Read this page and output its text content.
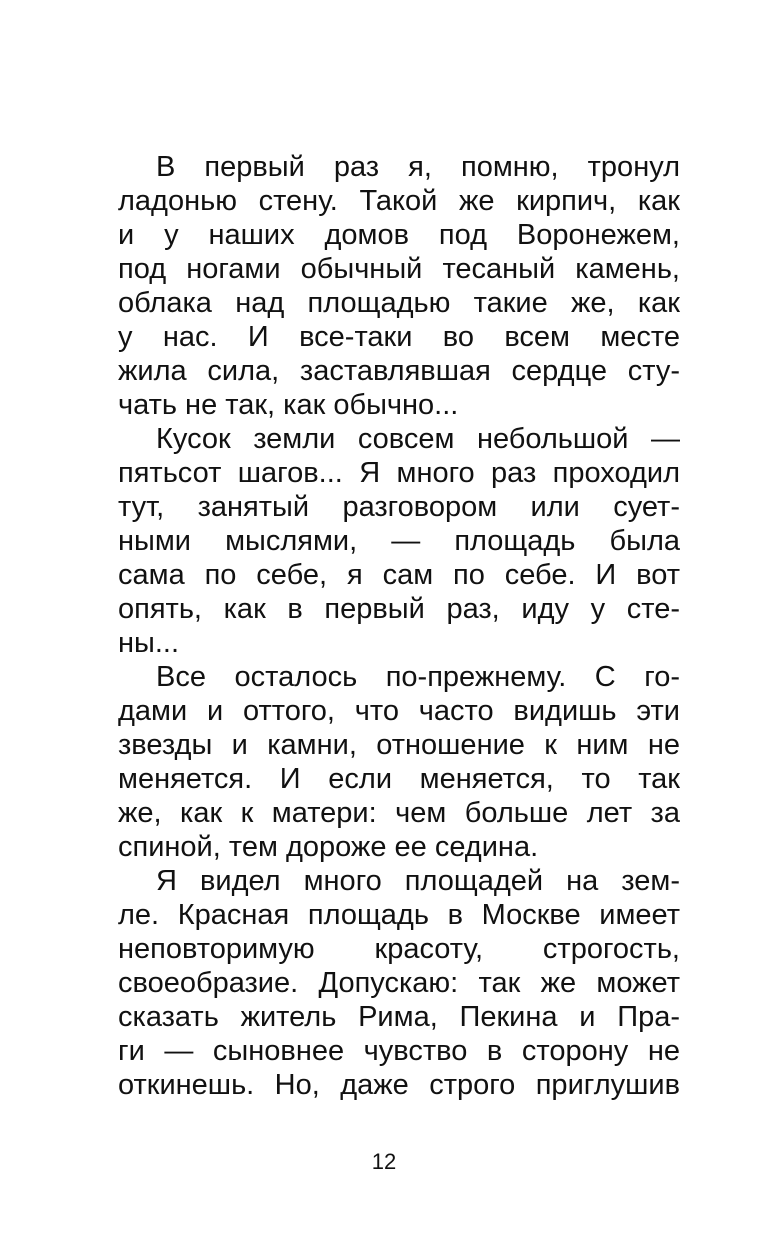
В первый раз я, помню, тронул
ладонью стену. Такой же кирпич, как
и у наших домов под Воронежем,
под ногами обычный тесаный камень,
облака над площадью такие же, как
у нас. И все-таки во всем месте
жила сила, заставлявшая сердце сту-
чать не так, как обычно...
Кусок земли совсем небольшой —
пятьсот шагов... Я много раз проходил
тут, занятый разговором или сует-
ными мыслями, — площадь была
сама по себе, я сам по себе. И вот
опять, как в первый раз, иду у сте-
ны...
Все осталось по-прежнему. С го-
дами и оттого, что часто видишь эти
звезды и камни, отношение к ним не
меняется. И если меняется, то так
же, как к матери: чем больше лет за
спиной, тем дороже ее седина.
Я видел много площадей на зем-
ле. Красная площадь в Москве имеет
неповторимую красоту, строгость,
своеобразие. Допускаю: так же может
сказать житель Рима, Пекина и Пра-
ги — сыновнее чувство в сторону не
откинешь. Но, даже строго приглушив
12
